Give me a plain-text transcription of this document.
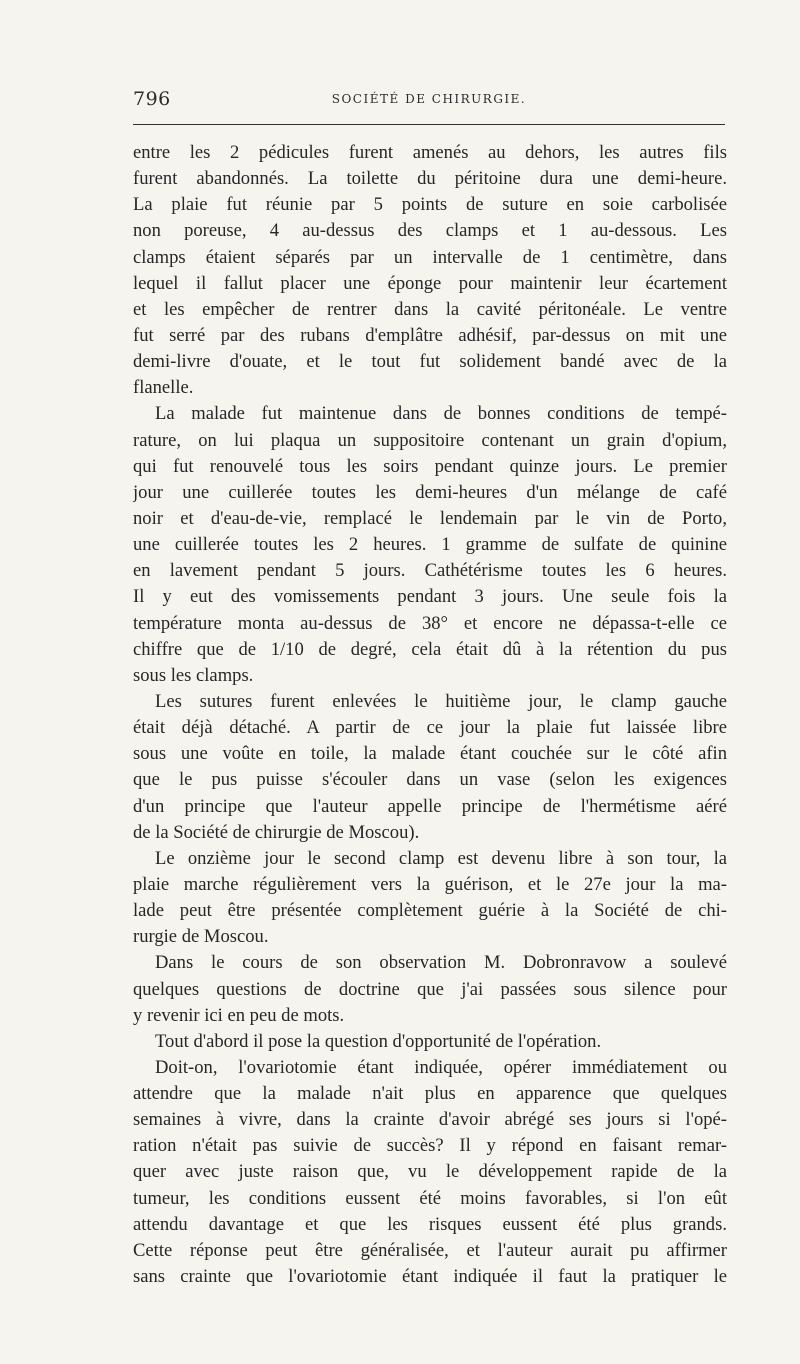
796	SOCIÉTÉ DE CHIRURGIE.
entre les 2 pédicules furent amenés au dehors, les autres fils
furent abandonnés. La toilette du péritoine dura une demi-heure.
La plaie fut réunie par 5 points de suture en soie carbolisée
non poreuse, 4 au-dessus des clamps et 1 au-dessous. Les
clamps étaient séparés par un intervalle de 1 centimètre, dans
lequel il fallut placer une éponge pour maintenir leur écartement
et les empêcher de rentrer dans la cavité péritonéale. Le ventre
fut serré par des rubans d'emplâtre adhésif, par-dessus on mit une
demi-livre d'ouate, et le tout fut solidement bandé avec de la
flanelle.
La malade fut maintenue dans de bonnes conditions de tempé-
rature, on lui plaqua un suppositoire contenant un grain d'opium,
qui fut renouvelé tous les soirs pendant quinze jours. Le premier
jour une cuillerée toutes les demi-heures d'un mélange de café
noir et d'eau-de-vie, remplacé le lendemain par le vin de Porto,
une cuillerée toutes les 2 heures. 1 gramme de sulfate de quinine
en lavement pendant 5 jours. Cathétérisme toutes les 6 heures.
Il y eut des vomissements pendant 3 jours. Une seule fois la
température monta au-dessus de 38° et encore ne dépassa-t-elle ce
chiffre que de 1/10 de degré, cela était dû à la rétention du pus
sous les clamps.
Les sutures furent enlevées le huitième jour, le clamp gauche
était déjà détaché. A partir de ce jour la plaie fut laissée libre
sous une voûte en toile, la malade étant couchée sur le côté afin
que le pus puisse s'écouler dans un vase (selon les exigences
d'un principe que l'auteur appelle principe de l'hermétisme aéré
de la Société de chirurgie de Moscou).
Le onzième jour le second clamp est devenu libre à son tour, la
plaie marche régulièrement vers la guérison, et le 27e jour la ma-
lade peut être présentée complètement guérie à la Société de chi-
rurgie de Moscou.
Dans le cours de son observation M. Dobronravow a soulevé
quelques questions de doctrine que j'ai passées sous silence pour
y revenir ici en peu de mots.
Tout d'abord il pose la question d'opportunité de l'opération.
Doit-on, l'ovariotomie étant indiquée, opérer immédiatement ou
attendre que la malade n'ait plus en apparence que quelques
semaines à vivre, dans la crainte d'avoir abrégé ses jours si l'opé-
ration n'était pas suivie de succès? Il y répond en faisant remar-
quer avec juste raison que, vu le développement rapide de la
tumeur, les conditions eussent été moins favorables, si l'on eût
attendu davantage et que les risques eussent été plus grands.
Cette réponse peut être généralisée, et l'auteur aurait pu affirmer
sans crainte que l'ovariotomie étant indiquée il faut la pratiquer le
